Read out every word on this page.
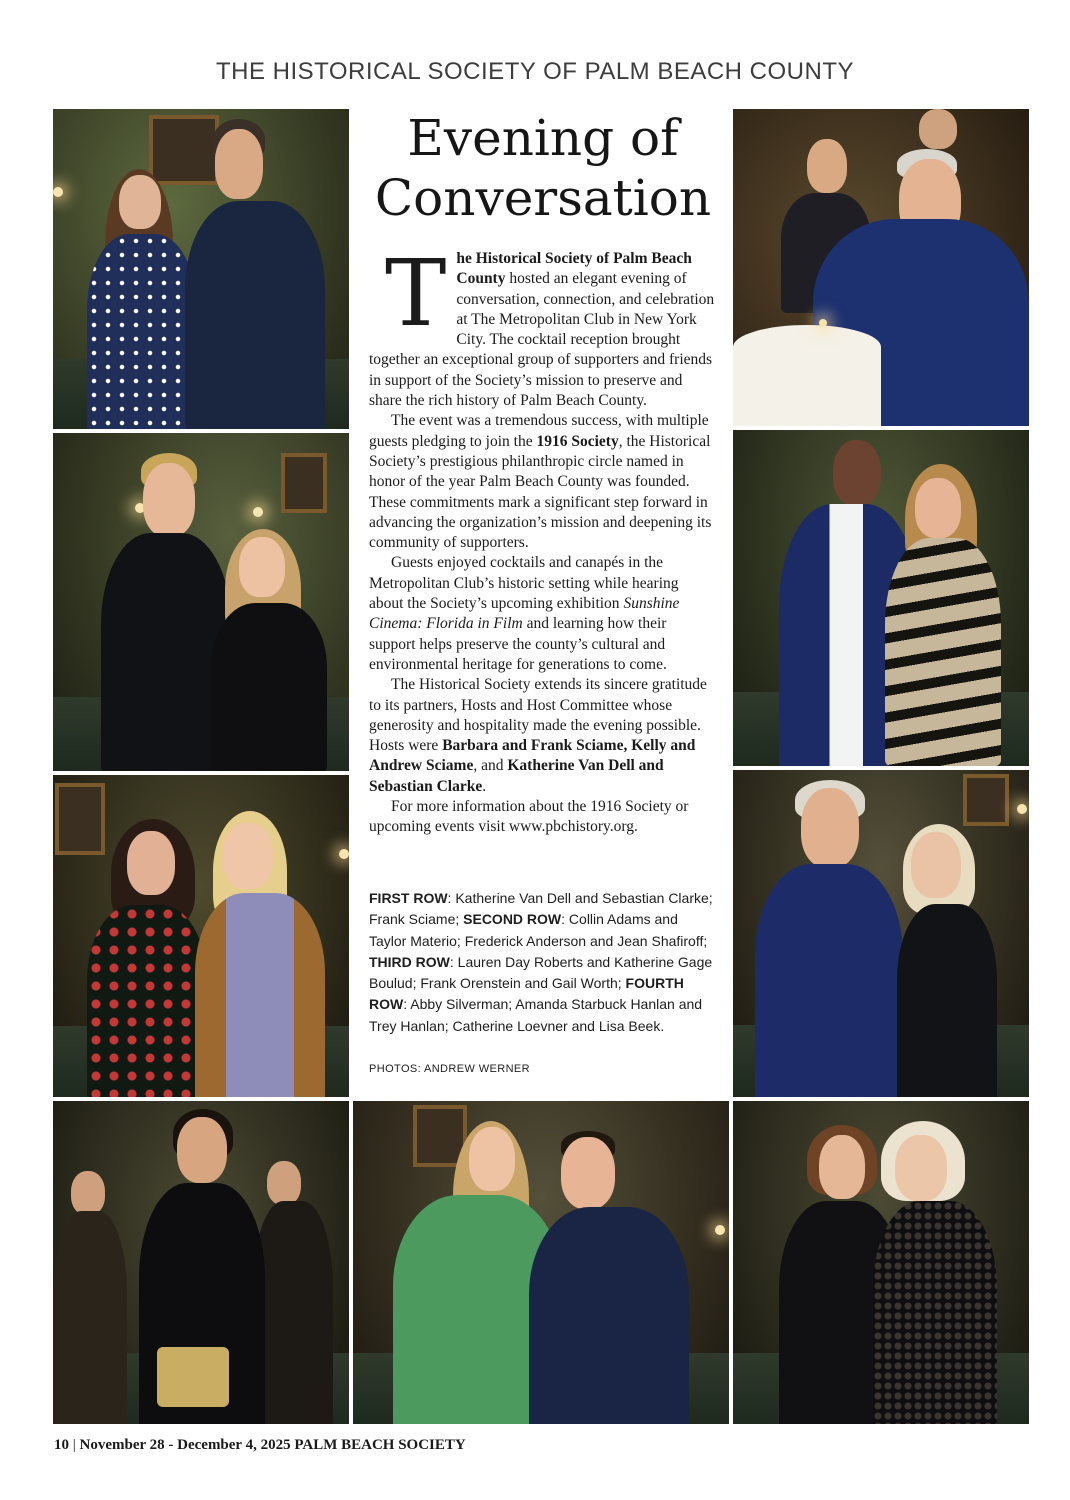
THE HISTORICAL SOCIETY OF PALM BEACH COUNTY
Evening of
Conversation

The Historical Society of Palm Beach County hosted an elegant evening of conversation, connection, and celebration at The Metropolitan Club in New York City. The cocktail reception brought together an exceptional group of supporters and friends in support of the Society’s mission to preserve and share the rich history of Palm Beach County.

The event was a tremendous success, with multiple guests pledging to join the 1916 Society, the Historical Society’s prestigious philanthropic circle named in honor of the year Palm Beach County was founded. These commitments mark a significant step forward in advancing the organization’s mission and deepening its community of supporters.

Guests enjoyed cocktails and canapés in the Metropolitan Club’s historic setting while hearing about the Society’s upcoming exhibition Sunshine Cinema: Florida in Film and learning how their support helps preserve the county’s cultural and environmental heritage for generations to come.

The Historical Society extends its sincere gratitude to its partners, Hosts and Host Committee whose generosity and hospitality made the evening possible. Hosts were Barbara and Frank Sciame, Kelly and Andrew Sciame, and Katherine Van Dell and Sebastian Clarke.

For more information about the 1916 Society or upcoming events visit www.pbchistory.org.

FIRST ROW: Katherine Van Dell and Sebastian Clarke; Frank Sciame; SECOND ROW: Collin Adams and Taylor Materio; Frederick Anderson and Jean Shafiroff; THIRD ROW: Lauren Day Roberts and Katherine Gage Boulud; Frank Orenstein and Gail Worth; FOURTH ROW: Abby Silverman; Amanda Starbuck Hanlan and Trey Hanlan; Catherine Loevner and Lisa Beek.
PHOTOS: ANDREW WERNER
10 | November 28 - December 4, 2025 PALM BEACH SOCIETY
